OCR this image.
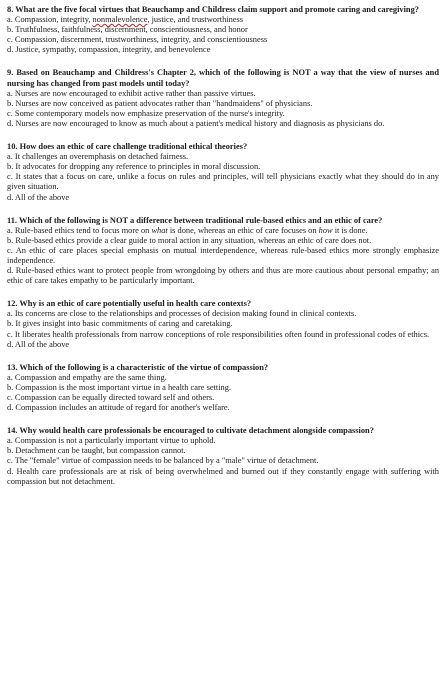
8. What are the five focal virtues that Beauchamp and Childress claim support and promote caring and caregiving?
a. Compassion, integrity, nonmalevolence, justice, and trustworthiness
b. Truthfulness, faithfulness, discernment, conscientiousness, and honor
c. Compassion, discernment, trustworthiness, integrity, and conscientiousness
d. Justice, sympathy, compassion, integrity, and benevolence
9. Based on Beauchamp and Childress's Chapter 2, which of the following is NOT a way that the view of nurses and nursing has changed from past models until today?
a. Nurses are now encouraged to exhibit active rather than passive virtues.
b. Nurses are now conceived as patient advocates rather than "handmaidens" of physicians.
c. Some contemporary models now emphasize preservation of the nurse's integrity.
d. Nurses are now encouraged to know as much about a patient's medical history and diagnosis as physicians do.
10. How does an ethic of care challenge traditional ethical theories?
a. It challenges an overemphasis on detached fairness.
b. It advocates for dropping any reference to principles in moral discussion.
c. It states that a focus on care, unlike a focus on rules and principles, will tell physicians exactly what they should do in any given situation.
d. All of the above
11. Which of the following is NOT a difference between traditional rule-based ethics and an ethic of care?
a. Rule-based ethics tend to focus more on what is done, whereas an ethic of care focuses on how it is done.
b. Rule-based ethics provide a clear guide to moral action in any situation, whereas an ethic of care does not.
c. An ethic of care places special emphasis on mutual interdependence, whereas rule-based ethics more strongly emphasize independence.
d. Rule-based ethics want to protect people from wrongdoing by others and thus are more cautious about personal empathy; an ethic of care takes empathy to be particularly important.
12. Why is an ethic of care potentially useful in health care contexts?
a. Its concerns are close to the relationships and processes of decision making found in clinical contexts.
b. It gives insight into basic commitments of caring and caretaking.
c. It liberates health professionals from narrow conceptions of role responsibilities often found in professional codes of ethics.
d. All of the above
13. Which of the following is a characteristic of the virtue of compassion?
a. Compassion and empathy are the same thing.
b. Compassion is the most important virtue in a health care setting.
c. Compassion can be equally directed toward self and others.
d. Compassion includes an attitude of regard for another's welfare.
14. Why would health care professionals be encouraged to cultivate detachment alongside compassion?
a. Compassion is not a particularly important virtue to uphold.
b. Detachment can be taught, but compassion cannot.
c. The "female" virtue of compassion needs to be balanced by a "male" virtue of detachment.
d. Health care professionals are at risk of being overwhelmed and burned out if they constantly engage with suffering with compassion but not detachment.
